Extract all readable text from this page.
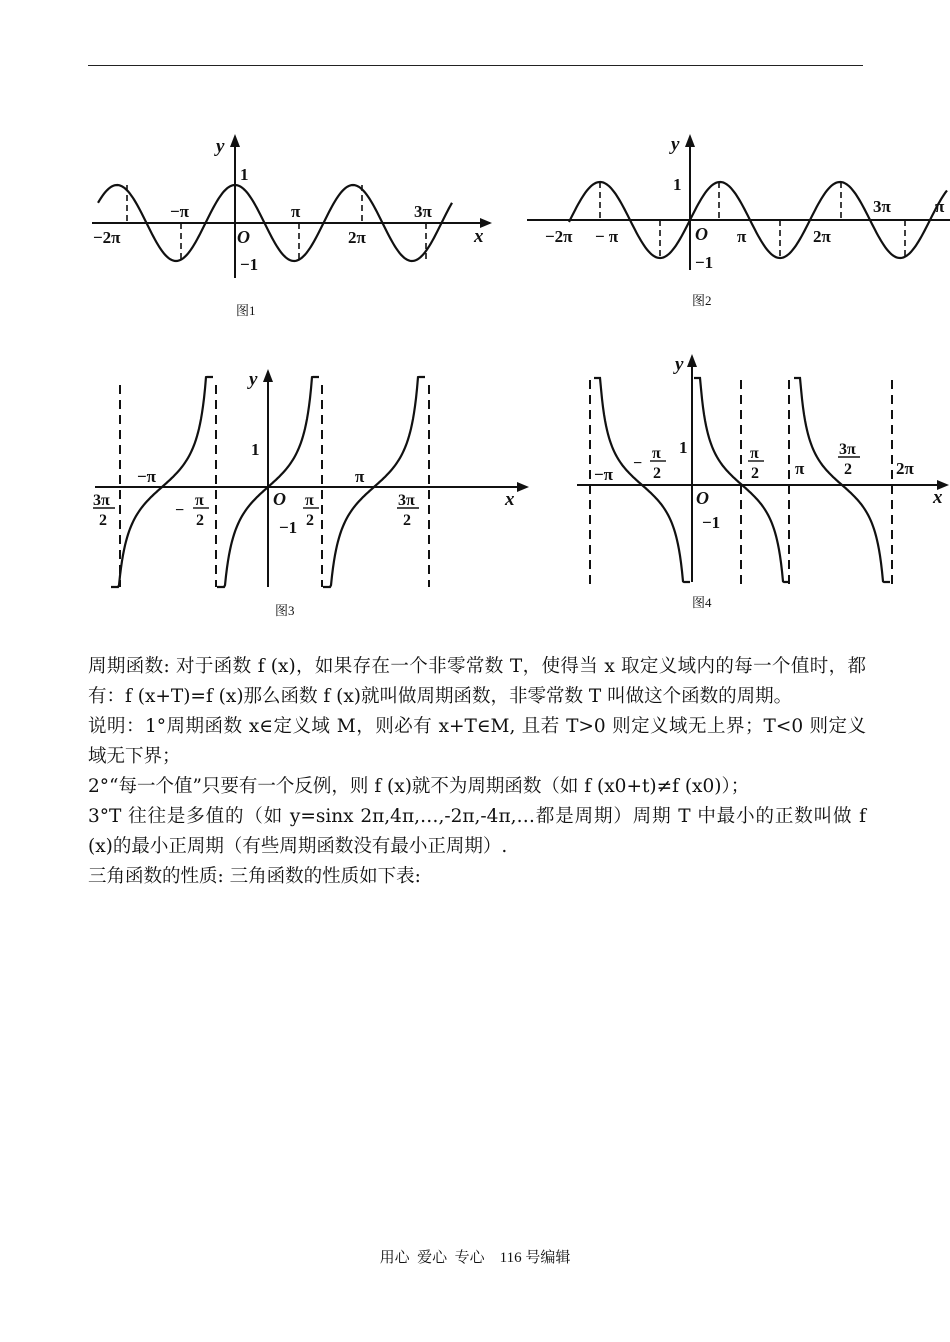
y
x
O
1
−1
−2π
−π	π
2π
3π
图1
y
O
1
−1
−2π − π	π	2π
3π	π
图2
y
x
O
1
−1
−π	π
3π
2
−
π
2
π
2
3π
2
图3
y
x
O
1
−1
−π	π	2π
−
π
2
π
2
3π
2
图4

周期函数: 对于函数 f (x)，如果存在一个非零常数 T，使得当 x 取定义域内的每一个值时，都有：f (x+T)=f (x)那么函数 f (x)就叫做周期函数，非零常数 T 叫做这个函数的周期。

说明：1°周期函数 x∈定义域 M，则必有 x+T∈M, 且若 T>0 则定义域无上界；T<0 则定义域无下界；

2°“每一个值”只要有一个反例，则 f (x)就不为周期函数（如 f (x0+t)≠f (x0)）；

3°T 往往是多值的（如 y=sinx 2π,4π,…,-2π,-4π,…都是周期）周期 T 中最小的正数叫做 f (x)的最小正周期（有些周期函数没有最小正周期）.

三角函数的性质: 三角函数的性质如下表:

用心  爱心  专心    116 号编辑
